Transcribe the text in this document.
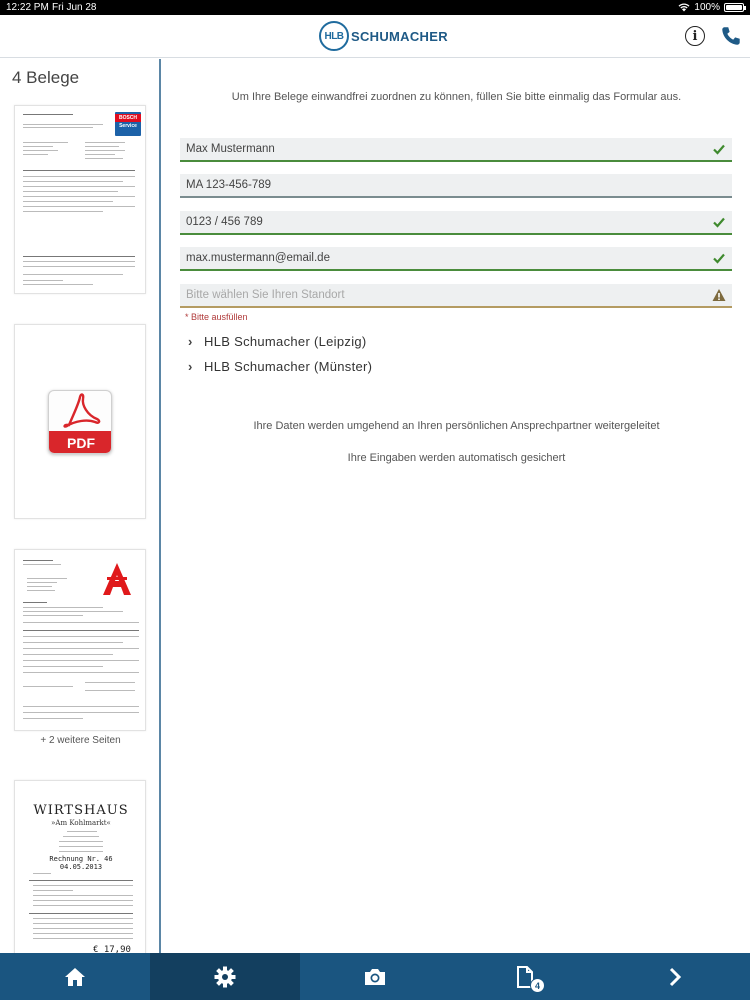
12:22 PM Fri Jun 28	100%
HLB SCHUMACHER	i
4 Belege
BOSCH
Service
PDF
+ 2 weitere Seiten
WIRTSHAUS
»Am Kohlmarkt«
Rechnung Nr. 46
04.05.2013
€ 17,90
Um Ihre Belege einwandfrei zuordnen zu können, füllen Sie bitte einmalig das Formular aus.
Max Mustermann
MA 123-456-789
0123 / 456 789
max.mustermann@email.de
Bitte wählen Sie Ihren Standort
* Bitte ausfüllen
› HLB Schumacher (Leipzig)
› HLB Schumacher (Münster)
Ihre Daten werden umgehend an Ihren persönlichen Ansprechpartner weitergeleitet
Ihre Eingaben werden automatisch gesichert
4
